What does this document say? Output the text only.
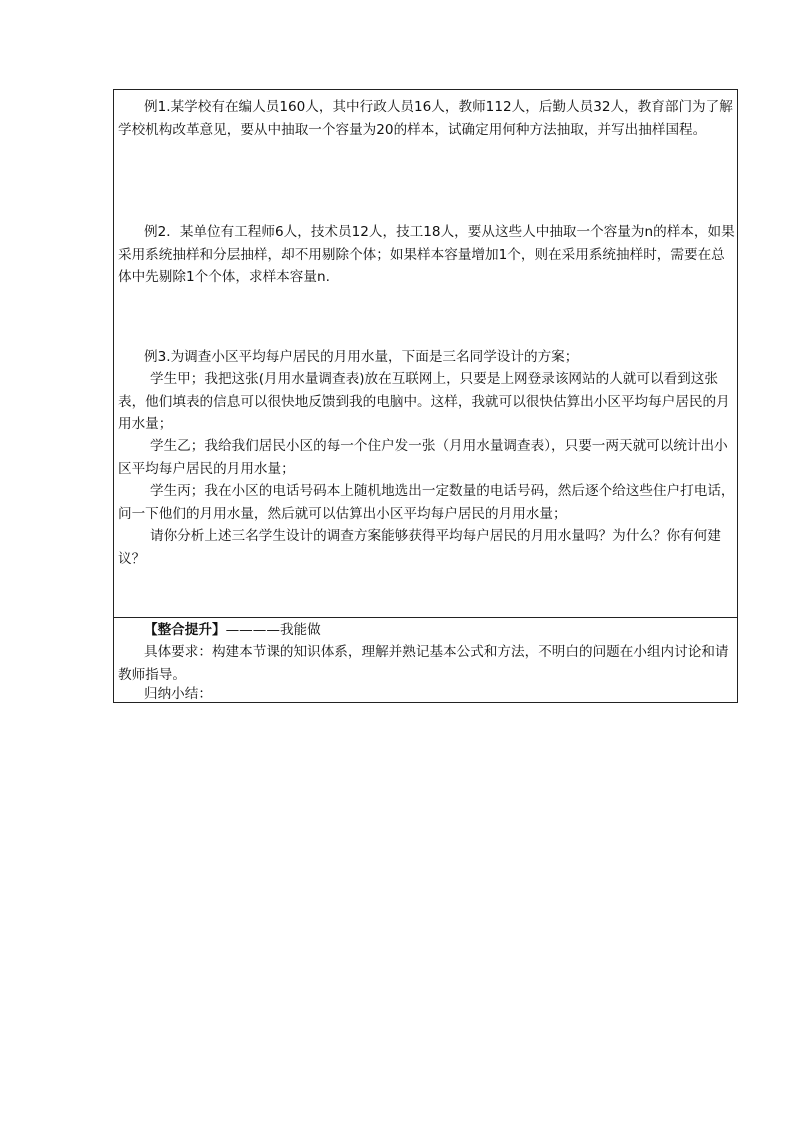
例1.某学校有在编人员160人，其中行政人员16人，教师112人，后勤人员32人，教育部门为了解学校机构改革意见，要从中抽取一个容量为20的样本，试确定用何种方法抽取，并写出抽样国程。

例2．某单位有工程师6人，技术员12人，技工18人，要从这些人中抽取一个容量为n的样本，如果采用系统抽样和分层抽样，却不用剔除个体；如果样本容量增加1个，则在采用系统抽样时，需要在总体中先剔除1个个体，求样本容量n.

例3.为调查小区平均每户居民的月用水量，下面是三名同学设计的方案；

学生甲；我把这张(月用水量调查表)放在互联网上，只要是上网登录该网站的人就可以看到这张表，他们填表的信息可以很快地反馈到我的电脑中。这样，我就可以很快估算出小区平均每户居民的月用水量；

学生乙；我给我们居民小区的每一个住户发一张（月用水量调查表），只要一两天就可以统计出小区平均每户居民的月用水量；

学生丙；我在小区的电话号码本上随机地选出一定数量的电话号码，然后逐个给这些住户打电话，问一下他们的月用水量，然后就可以估算出小区平均每户居民的月用水量；

请你分析上述三名学生设计的调查方案能够获得平均每户居民的月用水量吗？为什么？你有何建议？

【整合提升】————我能做

具体要求：构建本节课的知识体系，理解并熟记基本公式和方法，不明白的问题在小组内讨论和请教师指导。

归纳小结：
